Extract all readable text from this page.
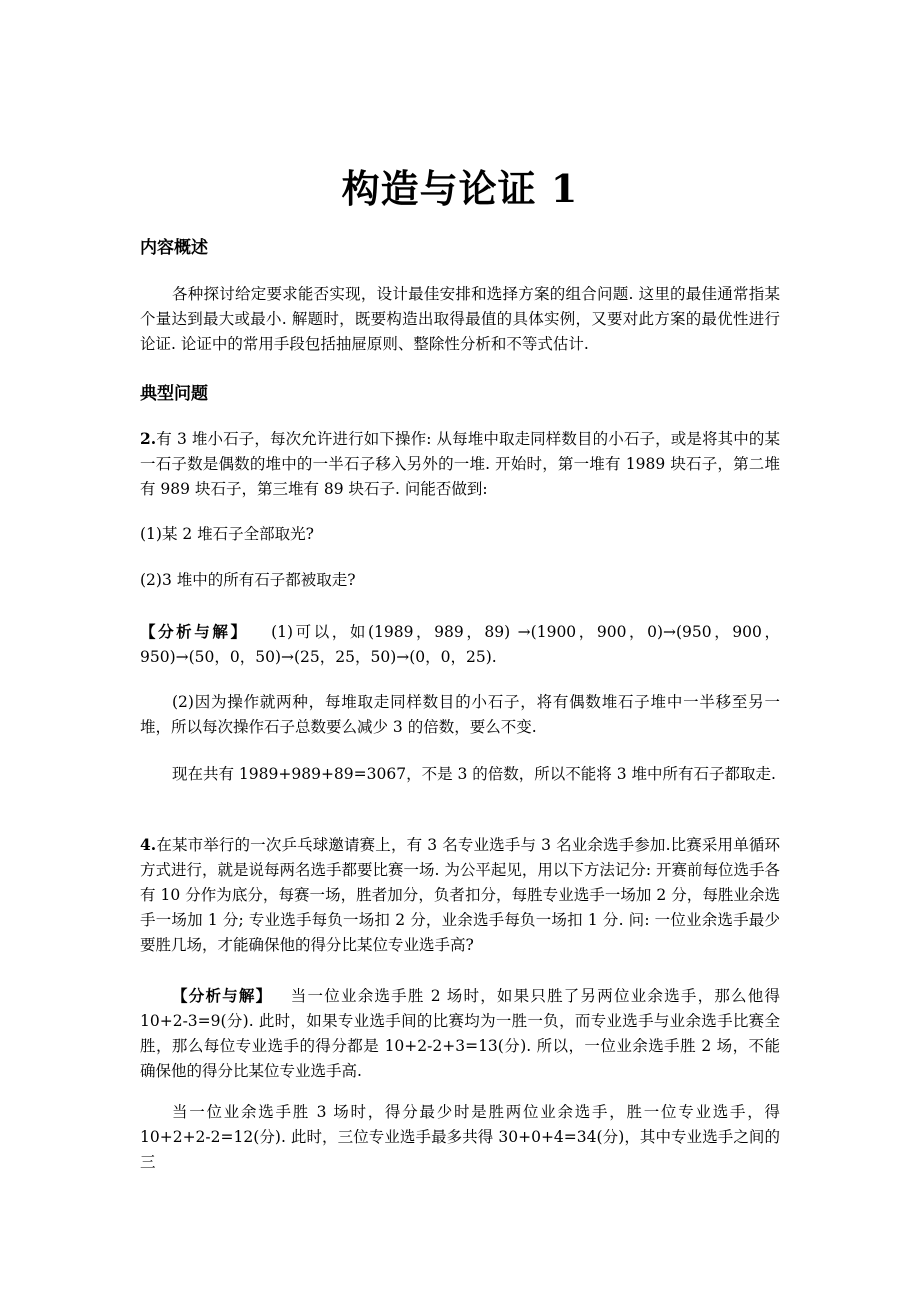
构造与论证 1
内容概述

各种探讨给定要求能否实现，设计最佳安排和选择方案的组合问题. 这里的最佳通常指某个量达到最大或最小. 解题时，既要构造出取得最值的具体实例，又要对此方案的最优性进行论证. 论证中的常用手段包括抽屉原则、整除性分析和不等式估计.

典型问题

2.有 3 堆小石子，每次允许进行如下操作: 从每堆中取走同样数目的小石子，或是将其中的某一石子数是偶数的堆中的一半石子移入另外的一堆. 开始时，第一堆有 1989 块石子，第二堆有 989 块石子，第三堆有 89 块石子. 问能否做到:

(1)某 2 堆石子全部取光?

(2)3 堆中的所有石子都被取走?

【分析与解】 (1)可以，如(1989，989，89) →(1900，900，0)→(950，900，950)→(50，0，50)→(25，25，50)→(0，0，25).

(2)因为操作就两种，每堆取走同样数目的小石子，将有偶数堆石子堆中一半移至另一堆，所以每次操作石子总数要么减少 3 的倍数，要么不变.

现在共有 1989+989+89=3067，不是 3 的倍数，所以不能将 3 堆中所有石子都取走.

4.在某市举行的一次乒乓球邀请赛上，有 3 名专业选手与 3 名业余选手参加.比赛采用单循环方式进行，就是说每两名选手都要比赛一场. 为公平起见，用以下方法记分: 开赛前每位选手各有 10 分作为底分，每赛一场，胜者加分，负者扣分，每胜专业选手一场加 2 分，每胜业余选手一场加 1 分; 专业选手每负一场扣 2 分，业余选手每负一场扣 1 分. 问: 一位业余选手最少要胜几场，才能确保他的得分比某位专业选手高?

【分析与解】 当一位业余选手胜 2 场时，如果只胜了另两位业余选手，那么他得 10+2-3=9(分). 此时，如果专业选手间的比赛均为一胜一负，而专业选手与业余选手比赛全胜，那么每位专业选手的得分都是 10+2-2+3=13(分). 所以，一位业余选手胜 2 场，不能确保他的得分比某位专业选手高.

当一位业余选手胜 3 场时，得分最少时是胜两位业余选手，胜一位专业选手，得 10+2+2-2=12(分). 此时，三位专业选手最多共得 30+0+4=34(分)，其中专业选手之间的三
